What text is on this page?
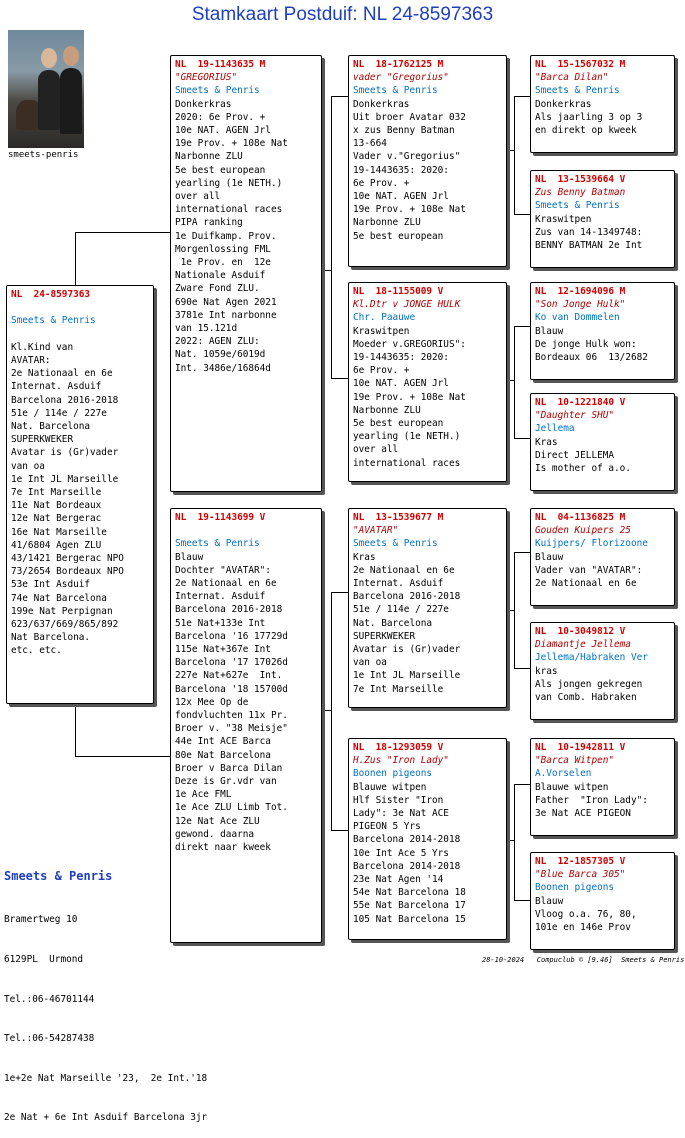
Stamkaart Postduif: NL 24-8597363
smeets-penris
NL  24-8597363
Smeets & Penris
Kl.Kind van
AVATAR:
2e Nationaal en 6e
Internat. Asduif
Barcelona 2016-2018
51e / 114e / 227e
Nat. Barcelona
SUPERKWEKER
Avatar is (Gr)vader
van oa
1e Int JL Marseille
7e Int Marseille
11e Nat Bordeaux
12e Nat Bergerac
16e Nat Marseille
41/6804 Agen ZLU
43/1421 Bergerac NPO
73/2654 Bordeaux NPO
53e Int Asduif
74e Nat Barcelona
199e Nat Perpignan
623/637/669/865/892
Nat Barcelona.
etc. etc.
NL  19-1143635 M
"GREGORIUS"
Smeets & Penris
Donkerkras
2020: 6e Prov. +
10e NAT. AGEN Jrl
19e Prov. + 108e Nat
Narbonne ZLU
5e best european
yearling (1e NETH.)
over all
international races
PIPA ranking
1e Duifkamp. Prov.
Morgenlossing FML
1e Prov. en  12e
Nationale Asduif
Zware Fond ZLU.
690e Nat Agen 2021
3781e Int narbonne
van 15.121d
2022: AGEN ZLU:
Nat. 1059e/6019d
Int. 3486e/16864d
NL  19-1143699 V
Smeets & Penris
Blauw
Dochter "AVATAR":
2e Nationaal en 6e
Internat. Asduif
Barcelona 2016-2018
51e Nat+133e Int
Barcelona '16 17729d
115e Nat+367e Int
Barcelona '17 17026d
227e Nat+627e  Int.
Barcelona '18 15700d
12x Mee Op de
fondvluchten 11x Pr.
Broer v. "38 Meisje"
44e Int ACE Barca
80e Nat Barcelona
Broer v Barca Dilan
Deze is Gr.vdr van
1e Ace FML
1e Ace ZLU Limb Tot.
12e Nat Ace ZLU
gewond. daarna
direkt naar kweek
NL  18-1762125 M
vader "Gregorius"
Smeets & Penris
Donkerkras
Uit broer Avatar 032
x zus Benny Batman
13-664
Vader v."Gregorius"
19-1443635: 2020:
6e Prov. +
10e NAT. AGEN Jrl
19e Prov. + 108e Nat
Narbonne ZLU
5e best european
NL  18-1155009 V
Kl.Dtr v JONGE HULK
Chr. Paauwe
Kraswitpen
Moeder v.GREGORIUS":
19-1443635: 2020:
6e Prov. +
10e NAT. AGEN Jrl
19e Prov. + 108e Nat
Narbonne ZLU
5e best european
yearling (1e NETH.)
over all
international races
NL  13-1539677 M
"AVATAR"
Smeets & Penris
Kras
2e Nationaal en 6e
Internat. Asduif
Barcelona 2016-2018
51e / 114e / 227e
Nat. Barcelona
SUPERKWEKER
Avatar is (Gr)vader
van oa
1e Int JL Marseille
7e Int Marseille
NL  18-1293059 V
H.Zus "Iron Lady"
Boonen pigeons
Blauwe witpen
Hlf Sister "Iron
Lady": 3e Nat ACE
PIGEON 5 Yrs
Barcelona 2014-2018
10e Int Ace 5 Yrs
Barcelona 2014-2018
23e Nat Agen '14
54e Nat Barcelona 18
55e Nat Barcelona 17
105 Nat Barcelona 15
NL  15-1567032 M
"Barca Dilan"
Smeets & Penris
Donkerkras
Als jaarling 3 op 3
en direkt op kweek
NL  13-1539664 V
Zus Benny Batman
Smeets & Penris
Kraswitpen
Zus van 14-1349748:
BENNY BATMAN 2e Int
NL  12-1694096 M
"Son Jonge Hulk"
Ko van Dommelen
Blauw
De jonge Hulk won:
Bordeaux 06  13/2682
NL  10-1221840 V
"Daughter SHU"
Jellema
Kras
Direct JELLEMA
Is mother of a.o.
NL  04-1136825 M
Gouden Kuipers 25
Kuijpers/ Florizoone
Blauw
Vader van "AVATAR":
2e Nationaal en 6e
NL  10-3049812 V
Diamantje Jellema
Jellema/Habraken Ver
kras
Als jongen gekregen
van Comb. Habraken
NL  10-1942811 V
"Barca Witpen"
A.Vorselen
Blauwe witpen
Father  "Iron Lady":
3e Nat ACE PIGEON
NL  12-1857305 V
"Blue Barca 305"
Boonen pigeons
Blauw
Vloog o.a. 76, 80,
101e en 146e Prov
Smeets & Penris

Bramertweg 10

6129PL  Urmond

Tel.:06-46701144

Tel.:06-54287438

1e+2e Nat Marseille '23,  2e Int.'18

2e Nat + 6e Int Asduif Barcelona 3jr

28-10-2024   Compuclub © [9.46]  Smeets & Penris
